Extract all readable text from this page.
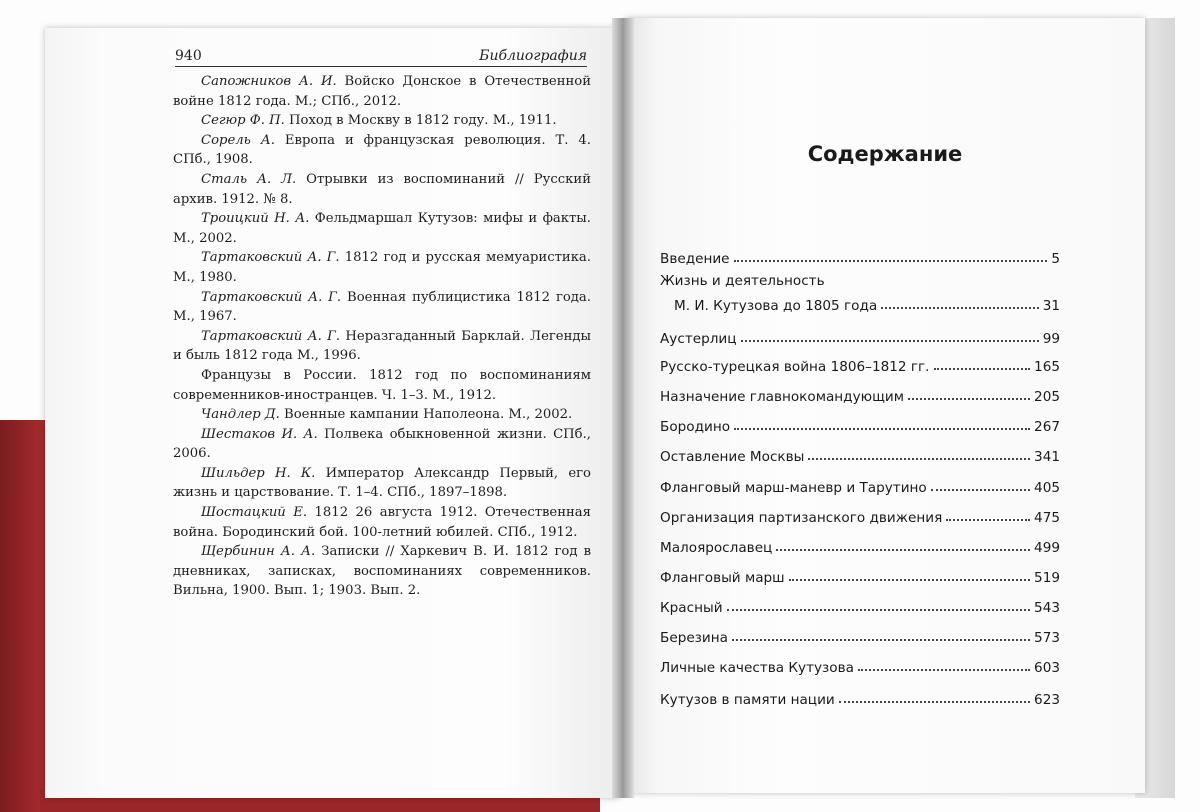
940	Библиография

Сапожников А. И. Войско Донское в Отечественной войне 1812 года. М.; СПб., 2012.

Сегюр Ф. П. Поход в Москву в 1812 году. М., 1911.

Сорель А. Европа и французская революция. Т. 4. СПб., 1908.

Сталь А. Л. Отрывки из воспоминаний // Русский архив. 1912. № 8.

Троицкий Н. А. Фельдмаршал Кутузов: мифы и факты. М., 2002.

Тартаковский А. Г. 1812 год и русская мемуаристика. М., 1980.

Тартаковский А. Г. Военная публицистика 1812 года. М., 1967.

Тартаковский А. Г. Неразгаданный Барклай. Легенды и быль 1812 года М., 1996.

Французы в России. 1812 год по воспоминаниям современников-иностранцев. Ч. 1–3. М., 1912.

Чандлер Д. Военные кампании Наполеона. М., 2002.

Шестаков И. А. Полвека обыкновенной жизни. СПб., 2006.

Шильдер Н. К. Император Александр Первый, его жизнь и царствование. Т. 1–4. СПб., 1897–1898.

Шостацкий Е. 1812 26 августа 1912. Отечественная война. Бородинский бой. 100-летний юбилей. СПб., 1912.

Щербинин А. А. Записки // Харкевич В. И. 1812 год в дневниках, записках, воспоминаниях современников. Вильна, 1900. Вып. 1; 1903. Вып. 2.

Содержание
Введение	5
Жизнь и деятельность
М. И. Кутузова до 1805 года	31
Аустерлиц	99
Русско-турецкая война 1806–1812 гг.	165
Назначение главнокомандующим	205
Бородино	267
Оставление Москвы	341
Фланговый марш-маневр и Тарутино	405
Организация партизанского движения	475
Малоярославец	499
Фланговый марш	519
Красный	543
Березина	573
Личные качества Кутузова	603
Кутузов в памяти нации	623
